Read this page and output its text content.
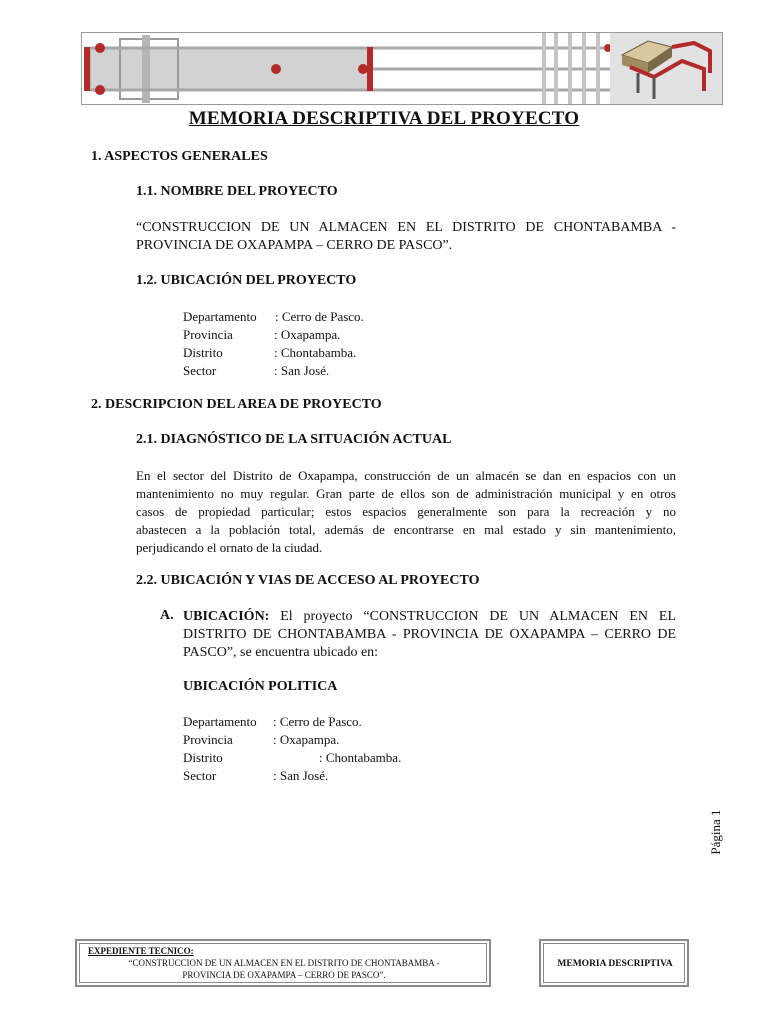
MEMORIA DESCRIPTIVA DEL PROYECTO
1. ASPECTOS GENERALES
1.1. NOMBRE DEL PROYECTO
“CONSTRUCCION DE UN ALMACEN EN EL DISTRITO DE CHONTABAMBA -
PROVINCIA DE OXAPAMPA – CERRO DE PASCO”.
1.2. UBICACIÓN DEL PROYECTO
Departamento : Cerro de Pasco.
Provincia	: Oxapampa.
Distrito	: Chontabamba.
Sector	: San José.
2. DESCRIPCION DEL AREA DE PROYECTO
2.1. DIAGNÓSTICO DE LA SITUACIÓN ACTUAL
En el sector del Distrito de Oxapampa, construcción de un almacén se dan en espacios con un
mantenimiento no muy regular. Gran parte de ellos son de administración municipal y en otros
casos de propiedad particular; estos espacios generalmente son para la recreación y no
abastecen a la población total, además de encontrarse en mal estado y sin mantenimiento,
perjudicando el ornato de la ciudad.
2.2. UBICACIÓN Y VIAS DE ACCESO AL PROYECTO
A. UBICACIÓN: El proyecto “CONSTRUCCION DE UN ALMACEN EN EL
DISTRITO DE CHONTABAMBA - PROVINCIA DE OXAPAMPA – CERRO DE
PASCO”, se encuentra ubicado en:
UBICACIÓN POLITICA
Departamento : Cerro de Pasco.
Provincia	: Oxapampa.
Distrito	: Chontabamba.
Sector	: San José.
Página 1
EXPEDIENTE TECNICO:
“CONSTRUCCION DE UN ALMACEN EN EL DISTRITO DE CHONTABAMBA -
PROVINCIA DE OXAPAMPA – CERRO DE PASCO”.
MEMORIA DESCRIPTIVA
